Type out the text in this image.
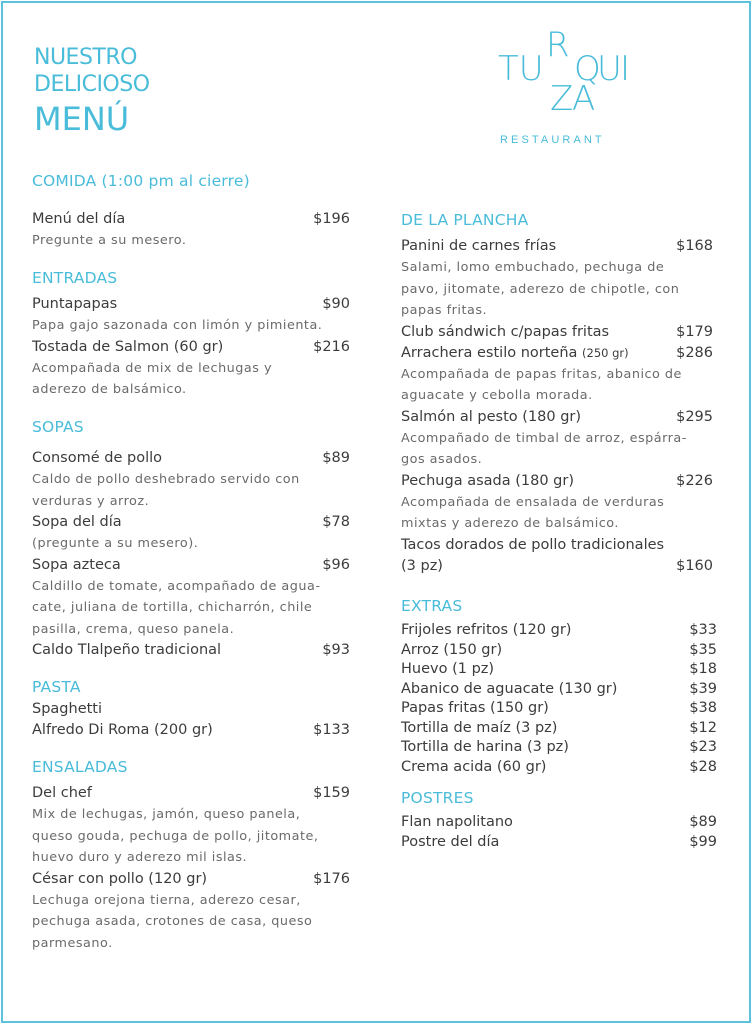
NUESTRO
DELICIOSO
MENÚ
TU
R
Q
U
I
Z
A
RESTAURANT
COMIDA (1:00 pm al cierre)
Menú del día	$196
Pregunte a su mesero.
ENTRADAS
Puntapapas	$90
Papa gajo sazonada con limón y pimienta.
Tostada de Salmon (60 gr)	$216
Acompañada de mix de lechugas y
aderezo de balsámico.
SOPAS
Consomé de pollo	$89
Caldo de pollo deshebrado servido con
verduras y arroz.
Sopa del día	$78
(pregunte a su mesero).
Sopa azteca	$96
Caldillo de tomate, acompañado de agua-
cate, juliana de tortilla, chicharrón, chile
pasilla, crema, queso panela.
Caldo Tlalpeño tradicional	$93
PASTA
Spaghetti
Alfredo Di Roma (200 gr)	$133
ENSALADAS
Del chef	$159
Mix de lechugas, jamón, queso panela,
queso gouda, pechuga de pollo, jitomate,
huevo duro y aderezo mil islas.
César con pollo (120 gr)	$176
Lechuga orejona tierna, aderezo cesar,
pechuga asada, crotones de casa, queso
parmesano.
DE LA PLANCHA
Panini de carnes frías	$168
Salami, lomo embuchado, pechuga de
pavo, jitomate, aderezo de chipotle, con
papas fritas.
Club sándwich c/papas fritas	$179
Arrachera estilo norteña (250 gr)	$286
Acompañada de papas fritas, abanico de
aguacate y cebolla morada.
Salmón al pesto (180 gr)	$295
Acompañado de timbal de arroz, espárra-
gos asados.
Pechuga asada (180 gr)	$226
Acompañada de ensalada de verduras
mixtas y aderezo de balsámico.
Tacos dorados de pollo tradicionales
(3 pz)	$160
EXTRAS
Frijoles refritos (120 gr)	$33
Arroz (150 gr)	$35
Huevo (1 pz)	$18
Abanico de aguacate (130 gr)	$39
Papas fritas (150 gr)	$38
Tortilla de maíz (3 pz)	$12
Tortilla de harina (3 pz)	$23
Crema acida (60 gr)	$28
POSTRES
Flan napolitano	$89
Postre del día	$99
